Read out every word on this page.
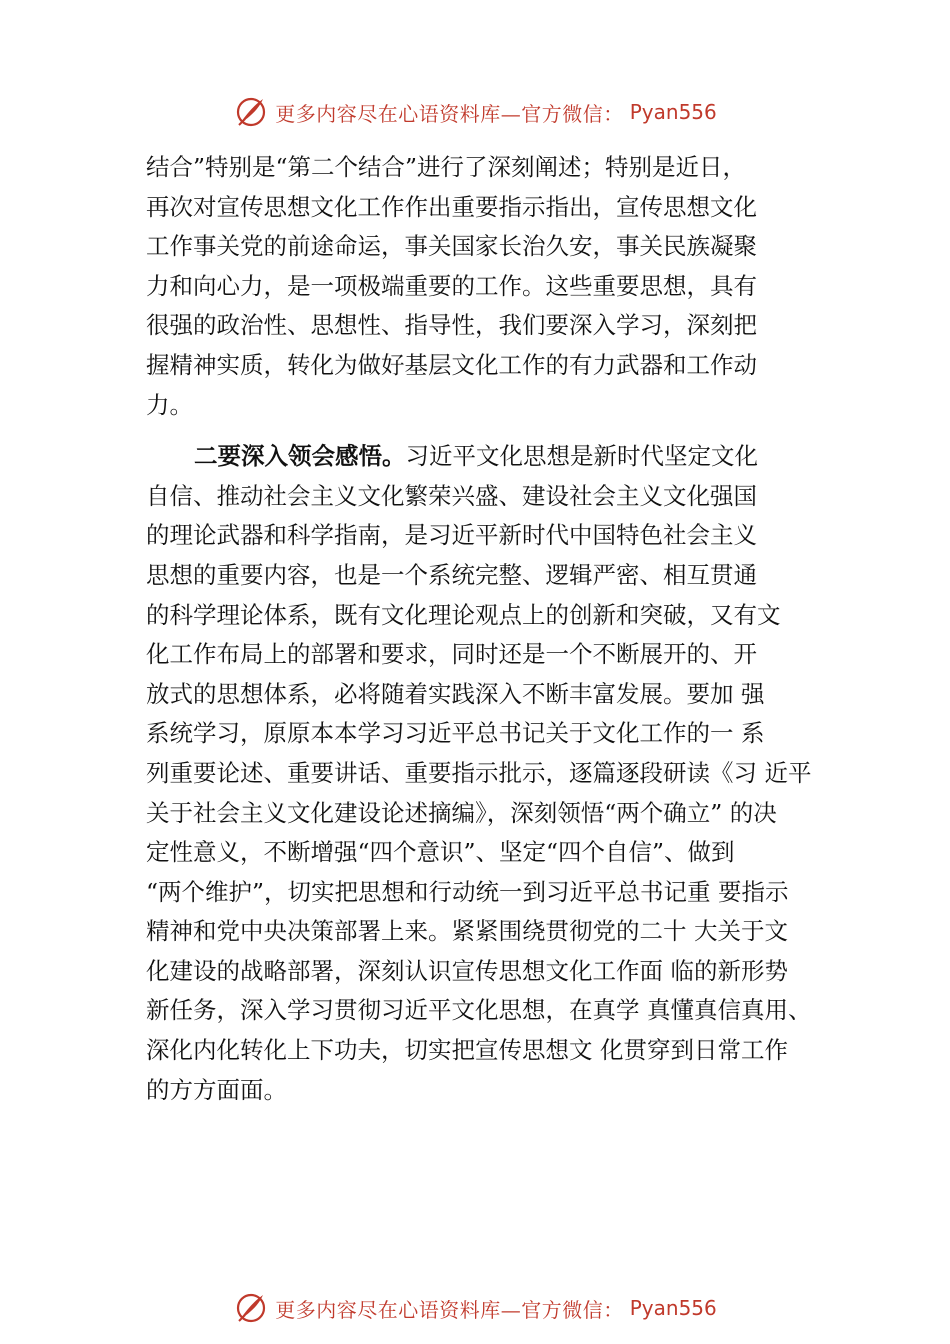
更多内容尽在心语资料库—官方微信： Pyan556
结合”特别是“第二个结合”进行了深刻阐述；特别是近日，
再次对宣传思想文化工作作出重要指示指出，宣传思想文化
工作事关党的前途命运，事关国家长治久安，事关民族凝聚
力和向心力，是一项极端重要的工作。这些重要思想，具有
很强的政治性、思想性、指导性，我们要深入学习，深刻把
握精神实质，转化为做好基层文化工作的有力武器和工作动
力。
二要深入领会感悟。习近平文化思想是新时代坚定文化
自信、推动社会主义文化繁荣兴盛、建设社会主义文化强国
的理论武器和科学指南，是习近平新时代中国特色社会主义
思想的重要内容，也是一个系统完整、逻辑严密、相互贯通
的科学理论体系，既有文化理论观点上的创新和突破，又有文
化工作布局上的部署和要求，同时还是一个不断展开的、开
放式的思想体系，必将随着实践深入不断丰富发展。要加 强
系统学习，原原本本学习习近平总书记关于文化工作的一 系
列重要论述、重要讲话、重要指示批示，逐篇逐段研读《习 近平
关于社会主义文化建设论述摘编》，深刻领悟“两个确立” 的决
定性意义，不断增强“四个意识”、坚定“四个自信”、做到
“两个维护”，切实把思想和行动统一到习近平总书记重 要指示
精神和党中央决策部署上来。紧紧围绕贯彻党的二十 大关于文
化建设的战略部署，深刻认识宣传思想文化工作面 临的新形势
新任务，深入学习贯彻习近平文化思想，在真学 真懂真信真用、
深化内化转化上下功夫，切实把宣传思想文 化贯穿到日常工作
的方方面面。
更多内容尽在心语资料库—官方微信： Pyan556
